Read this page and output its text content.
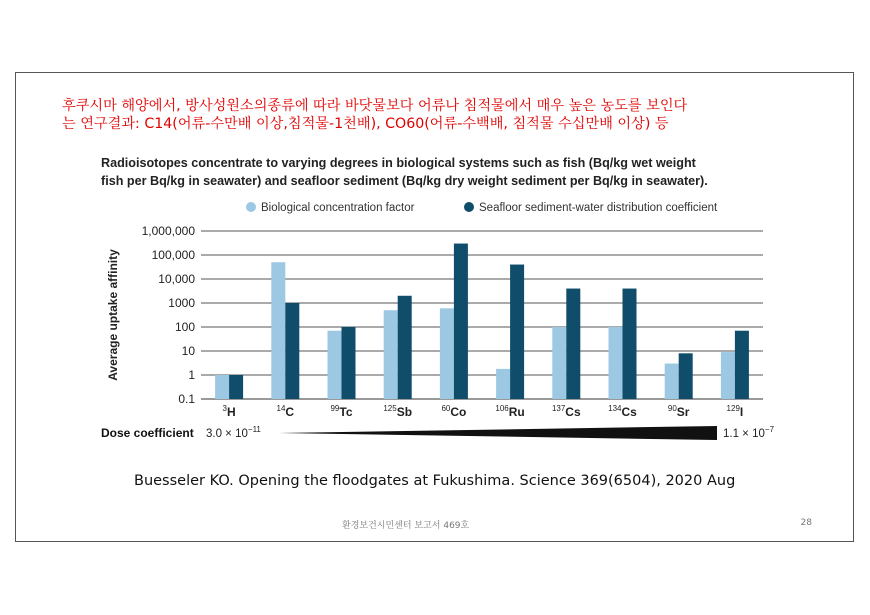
후쿠시마 해양에서, 방사성원소의종류에 따라 바닷물보다 어류나 침적물에서 매우 높은 농도를 보인다
는 연구결과: C14(어류-수만배 이상,침적물-1천배), CO60(어류-수백배, 침적물 수십만배 이상) 등
Radioisotopes concentrate to varying degrees in biological systems such as fish (Bq/kg wet weight
fish per Bq/kg in seawater) and seafloor sediment (Bq/kg dry weight sediment per Bq/kg in seawater).
Biological concentration factor	Seafloor sediment-water distribution coefficient
0.1
1
10
100
1000
10,000
100,000
1,000,000
Average uptake affinity
$^3$H	$^{14}$C	$^{99}$Tc	$^{125}$Sb	$^{60}$Co	$^{106}$Ru	$^{137}$Cs	$^{134}$Cs	$^{90}$Sr	$^{129}$I
Dose coefficient $3.0 \times 10^{-11}$	$1.1 \times 10^{-7}$
Buesseler KO. Opening the floodgates at Fukushima. Science 369(6504), 2020 Aug
환경보건시민센터 보고서 469호	28
